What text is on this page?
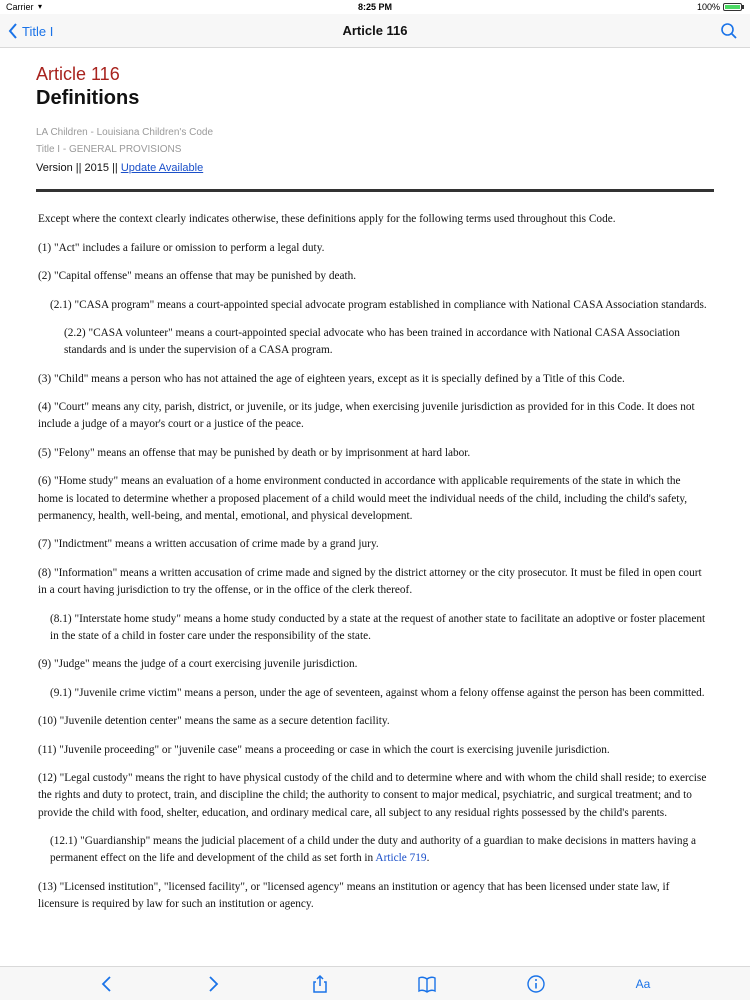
Carrier ▾	8:25 PM	100%
Title I	Article 116
Article 116
Definitions
LA Children - Louisiana Children's Code
Title I - GENERAL PROVISIONS
Version || 2015 || Update Available

Except where the context clearly indicates otherwise, these definitions apply for the following terms used throughout this Code.

(1) "Act" includes a failure or omission to perform a legal duty.

(2) "Capital offense" means an offense that may be punished by death.

(2.1) "CASA program" means a court-appointed special advocate program established in compliance with National CASA Association standards.

(2.2) "CASA volunteer" means a court-appointed special advocate who has been trained in accordance with National CASA Association standards and is under the supervision of a CASA program.

(3) "Child" means a person who has not attained the age of eighteen years, except as it is specially defined by a Title of this Code.

(4) "Court" means any city, parish, district, or juvenile, or its judge, when exercising juvenile jurisdiction as provided for in this Code. It does not include a judge of a mayor's court or a justice of the peace.

(5) "Felony" means an offense that may be punished by death or by imprisonment at hard labor.

(6) "Home study" means an evaluation of a home environment conducted in accordance with applicable requirements of the state in which the home is located to determine whether a proposed placement of a child would meet the individual needs of the child, including the child's safety, permanency, health, well-being, and mental, emotional, and physical development.

(7) "Indictment" means a written accusation of crime made by a grand jury.

(8) "Information" means a written accusation of crime made and signed by the district attorney or the city prosecutor. It must be filed in open court in a court having jurisdiction to try the offense, or in the office of the clerk thereof.

(8.1) "Interstate home study" means a home study conducted by a state at the request of another state to facilitate an adoptive or foster placement in the state of a child in foster care under the responsibility of the state.

(9) "Judge" means the judge of a court exercising juvenile jurisdiction.

(9.1) "Juvenile crime victim" means a person, under the age of seventeen, against whom a felony offense against the person has been committed.

(10) "Juvenile detention center" means the same as a secure detention facility.

(11) "Juvenile proceeding" or "juvenile case" means a proceeding or case in which the court is exercising juvenile jurisdiction.

(12) "Legal custody" means the right to have physical custody of the child and to determine where and with whom the child shall reside; to exercise the rights and duty to protect, train, and discipline the child; the authority to consent to major medical, psychiatric, and surgical treatment; and to provide the child with food, shelter, education, and ordinary medical care, all subject to any residual rights possessed by the child's parents.

(12.1) "Guardianship" means the judicial placement of a child under the duty and authority of a guardian to make decisions in matters having a permanent effect on the life and development of the child as set forth in Article 719.

(13) "Licensed institution", "licensed facility", or "licensed agency" means an institution or agency that has been licensed under state law, if licensure is required by law for such an institution or agency.

Aa
